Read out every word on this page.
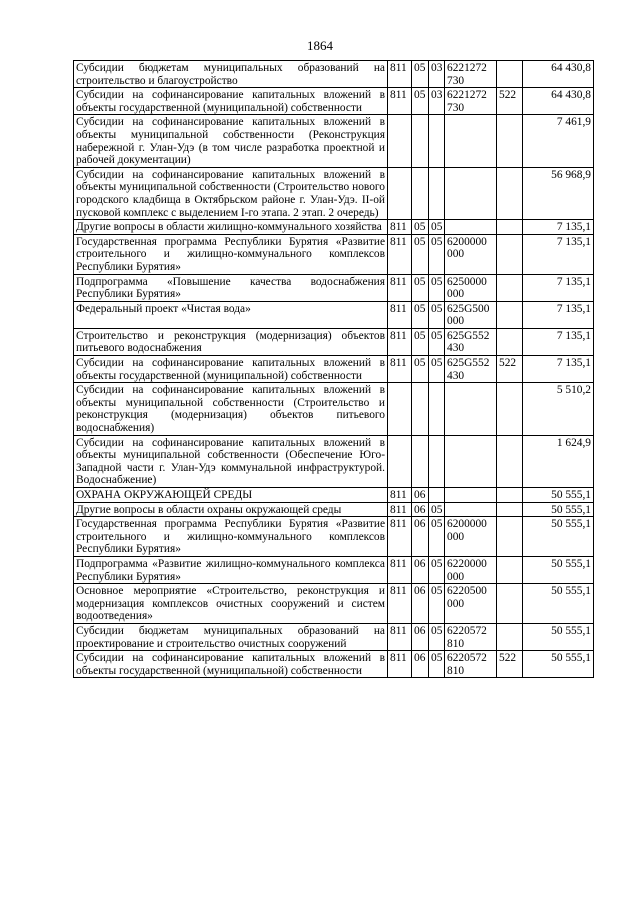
1864
Субсидии бюджетам муниципальных образований на строительство и благоустройство	811	05	03	6221272 730		64 430,8
Субсидии на софинансирование капитальных вложений в объекты государственной (муниципальной) собственности	811	05	03	6221272 730	522	64 430,8
Субсидии на софинансирование капитальных вложений в объекты муниципальной собственности (Реконструкция набережной г. Улан-Удэ (в том числе разработка проектной и рабочей документации)						7 461,9
Субсидии на софинансирование капитальных вложений в объекты муниципальной собственности (Строительство нового городского кладбища в Октябрьском районе г. Улан-Удэ. II-ой пусковой комплекс с выделением I-го этапа. 2 этап. 2 очередь)						56 968,9
Другие вопросы в области жилищно-коммунального хозяйства	811	05	05			7 135,1
Государственная программа Республики Бурятия «Развитие строительного и жилищно-коммунального комплексов Республики Бурятия»	811	05	05	6200000 000		7 135,1
Подпрограмма «Повышение качества водоснабжения Республики Бурятия»	811	05	05	6250000 000		7 135,1
Федеральный проект «Чистая вода»	811	05	05	625G500 000		7 135,1
Строительство и реконструкция (модернизация) объектов питьевого водоснабжения	811	05	05	625G552 430		7 135,1
Субсидии на софинансирование капитальных вложений в объекты государственной (муниципальной) собственности	811	05	05	625G552 430	522	7 135,1
Субсидии на софинансирование капитальных вложений в объекты муниципальной собственности (Строительство и реконструкция (модернизация) объектов питьевого водоснабжения)						5 510,2
Субсидии на софинансирование капитальных вложений в объекты муниципальной собственности (Обеспечение Юго-Западной части г. Улан-Удэ коммунальной инфраструктурой. Водоснабжение)						1 624,9
ОХРАНА ОКРУЖАЮЩЕЙ СРЕДЫ	811	06				50 555,1
Другие вопросы в области охраны окружающей среды	811	06	05			50 555,1
Государственная программа Республики Бурятия «Развитие строительного и жилищно-коммунального комплексов Республики Бурятия»	811	06	05	6200000 000		50 555,1
Подпрограмма «Развитие жилищно-коммунального комплекса Республики Бурятия»	811	06	05	6220000 000		50 555,1
Основное мероприятие «Строительство, реконструкция и модернизация комплексов очистных сооружений и систем водоотведения»	811	06	05	6220500 000		50 555,1
Субсидии бюджетам муниципальных образований на проектирование и строительство очистных сооружений	811	06	05	6220572 810		50 555,1
Субсидии на софинансирование капитальных вложений в объекты государственной (муниципальной) собственности	811	06	05	6220572 810	522	50 555,1
